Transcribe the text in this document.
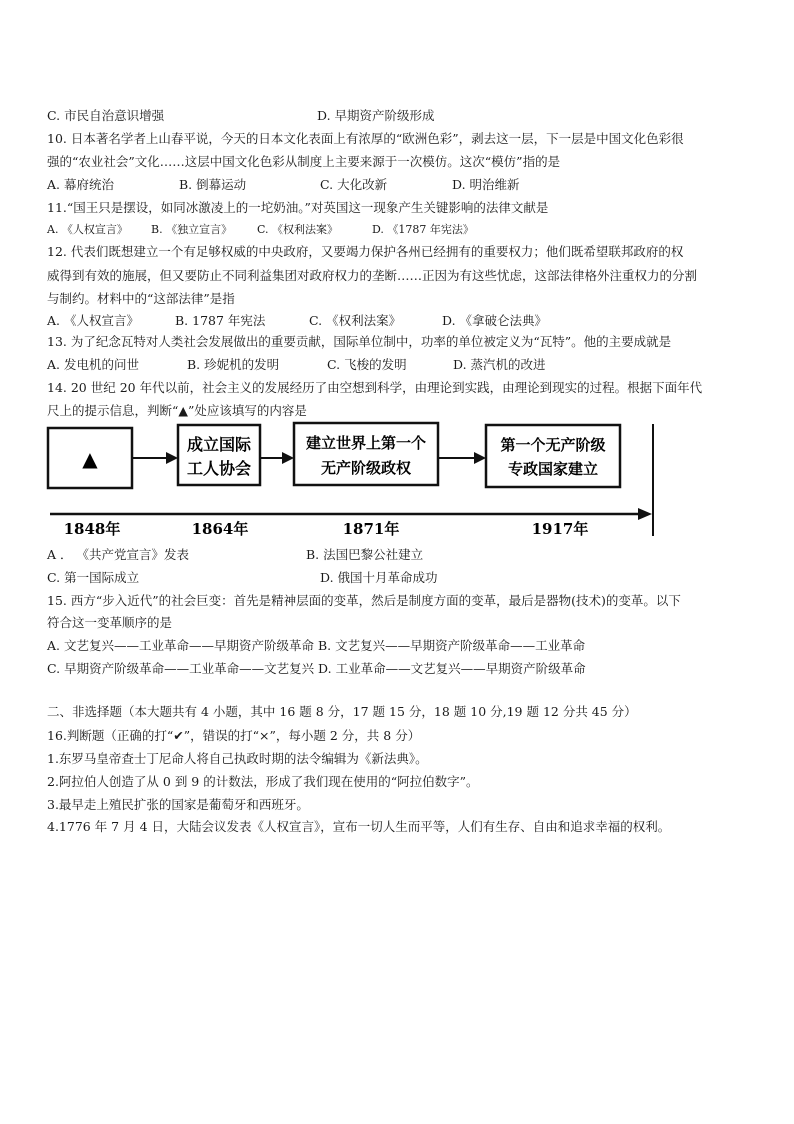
C. 市民自治意识增强	D. 早期资产阶级形成
10. 日本著名学者上山春平说，今天的日本文化表面上有浓厚的“欧洲色彩”，剥去这一层，下一层是中国文化色彩很
强的“农业社会”文化……这层中国文化色彩从制度上主要来源于一次模仿。这次“模仿”指的是
A. 幕府统治	B. 倒幕运动	C. 大化改新	D. 明治维新
11.“国王只是摆设，如同冰激凌上的一坨奶油。”对英国这一现象产生关键影响的法律文献是
A. 《人权宣言》 B. 《独立宣言》 C. 《权利法案》	D. 《1787 年宪法》
12. 代表们既想建立一个有足够权威的中央政府，又要竭力保护各州已经拥有的重要权力；他们既希望联邦政府的权
威得到有效的施展，但又要防止不同利益集团对政府权力的垄断……正因为有这些忧虑，这部法律格外注重权力的分割
与制约。材料中的“这部法律”是指
A. 《人权宣言》	B. 1787 年宪法	C. 《权利法案》	D. 《拿破仑法典》
13. 为了纪念瓦特对人类社会发展做出的重要贡献，国际单位制中，功率的单位被定义为“瓦特”。他的主要成就是
A. 发电机的问世	B. 珍妮机的发明	C. 飞梭的发明	D. 蒸汽机的改进
14. 20 世纪 20 年代以前，社会主义的发展经历了由空想到科学，由理论到实践，由理论到现实的过程。根据下面年代
尺上的提示信息，判断“▲”处应该填写的内容是
▲
成立国际
工人协会
建立世界上第一个
无产阶级政权
第一个无产阶级
专政国家建立
1848年	1864年	1871年	1917年
A ． 《共产党宣言》发表	B. 法国巴黎公社建立
C. 第一国际成立	D. 俄国十月革命成功
15. 西方“步入近代”的社会巨变：首先是精神层面的变革，然后是制度方面的变革，最后是器物(技术)的变革。以下
符合这一变革顺序的是
A. 文艺复兴——工业革命——早期资产阶级革命 B. 文艺复兴——早期资产阶级革命——工业革命
C. 早期资产阶级革命——工业革命——文艺复兴 D. 工业革命——文艺复兴——早期资产阶级革命
二、非选择题（本大题共有 4 小题，其中 16 题 8 分，17 题 15 分，18 题 10 分,19 题 12 分共 45 分）
16.判断题（正确的打“✔”，错误的打“×”，每小题 2 分，共 8 分）
1.东罗马皇帝查士丁尼命人将自己执政时期的法令编辑为《新法典》。
2.阿拉伯人创造了从 0 到 9 的计数法，形成了我们现在使用的“阿拉伯数字”。
3.最早走上殖民扩张的国家是葡萄牙和西班牙。
4.1776 年 7 月 4 日，大陆会议发表《人权宣言》，宣布一切人生而平等，人们有生存、自由和追求幸福的权利。
